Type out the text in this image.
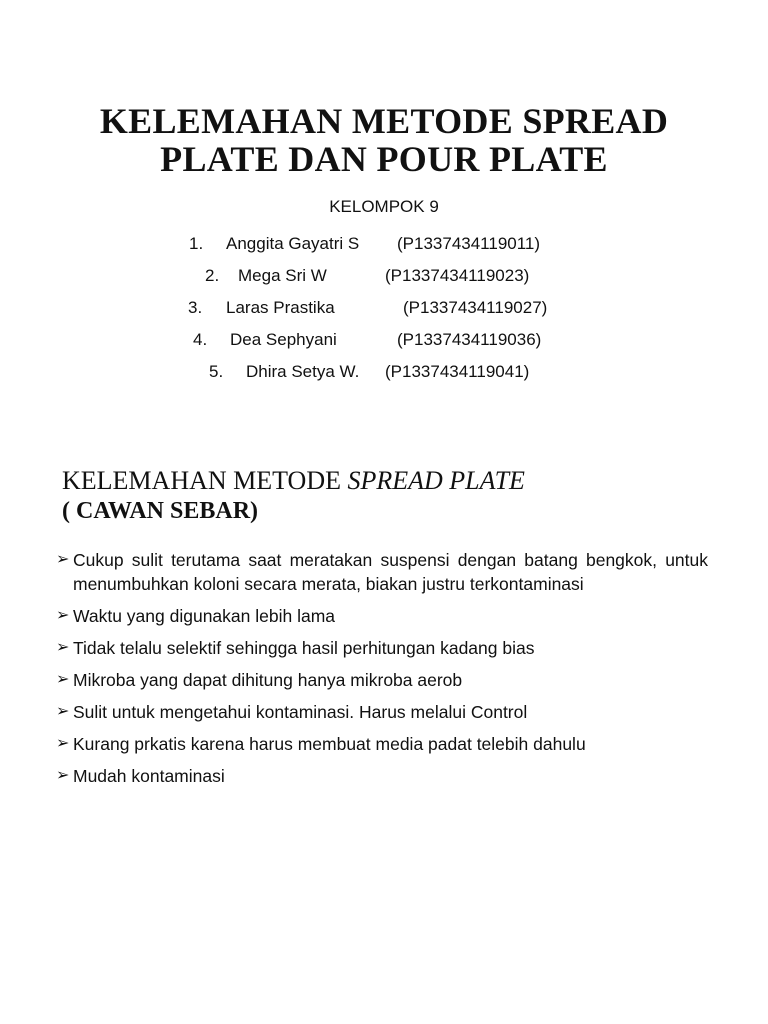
KELEMAHAN METODE SPREAD
PLATE DAN POUR PLATE
KELOMPOK 9
1. Anggita Gayatri S (P1337434119011)
2. Mega Sri W	(P1337434119023)
3. Laras Prastika	(P1337434119027)
4. Dea Sephyani	(P1337434119036)
5. Dhira Setya W. (P1337434119041)
KELEMAHAN METODE SPREAD PLATE
( CAWAN SEBAR)
➢ Cukup sulit terutama saat meratakan suspensi dengan batang bengkok, untuk menumbuhkan koloni secara merata, biakan justru terkontaminasi
➢ Waktu yang digunakan lebih lama
➢ Tidak telalu selektif sehingga hasil perhitungan kadang bias
➢ Mikroba yang dapat dihitung hanya mikroba aerob
➢ Sulit untuk mengetahui kontaminasi. Harus melalui Control
➢ Kurang prkatis karena harus membuat media padat telebih dahulu
➢ Mudah kontaminasi
